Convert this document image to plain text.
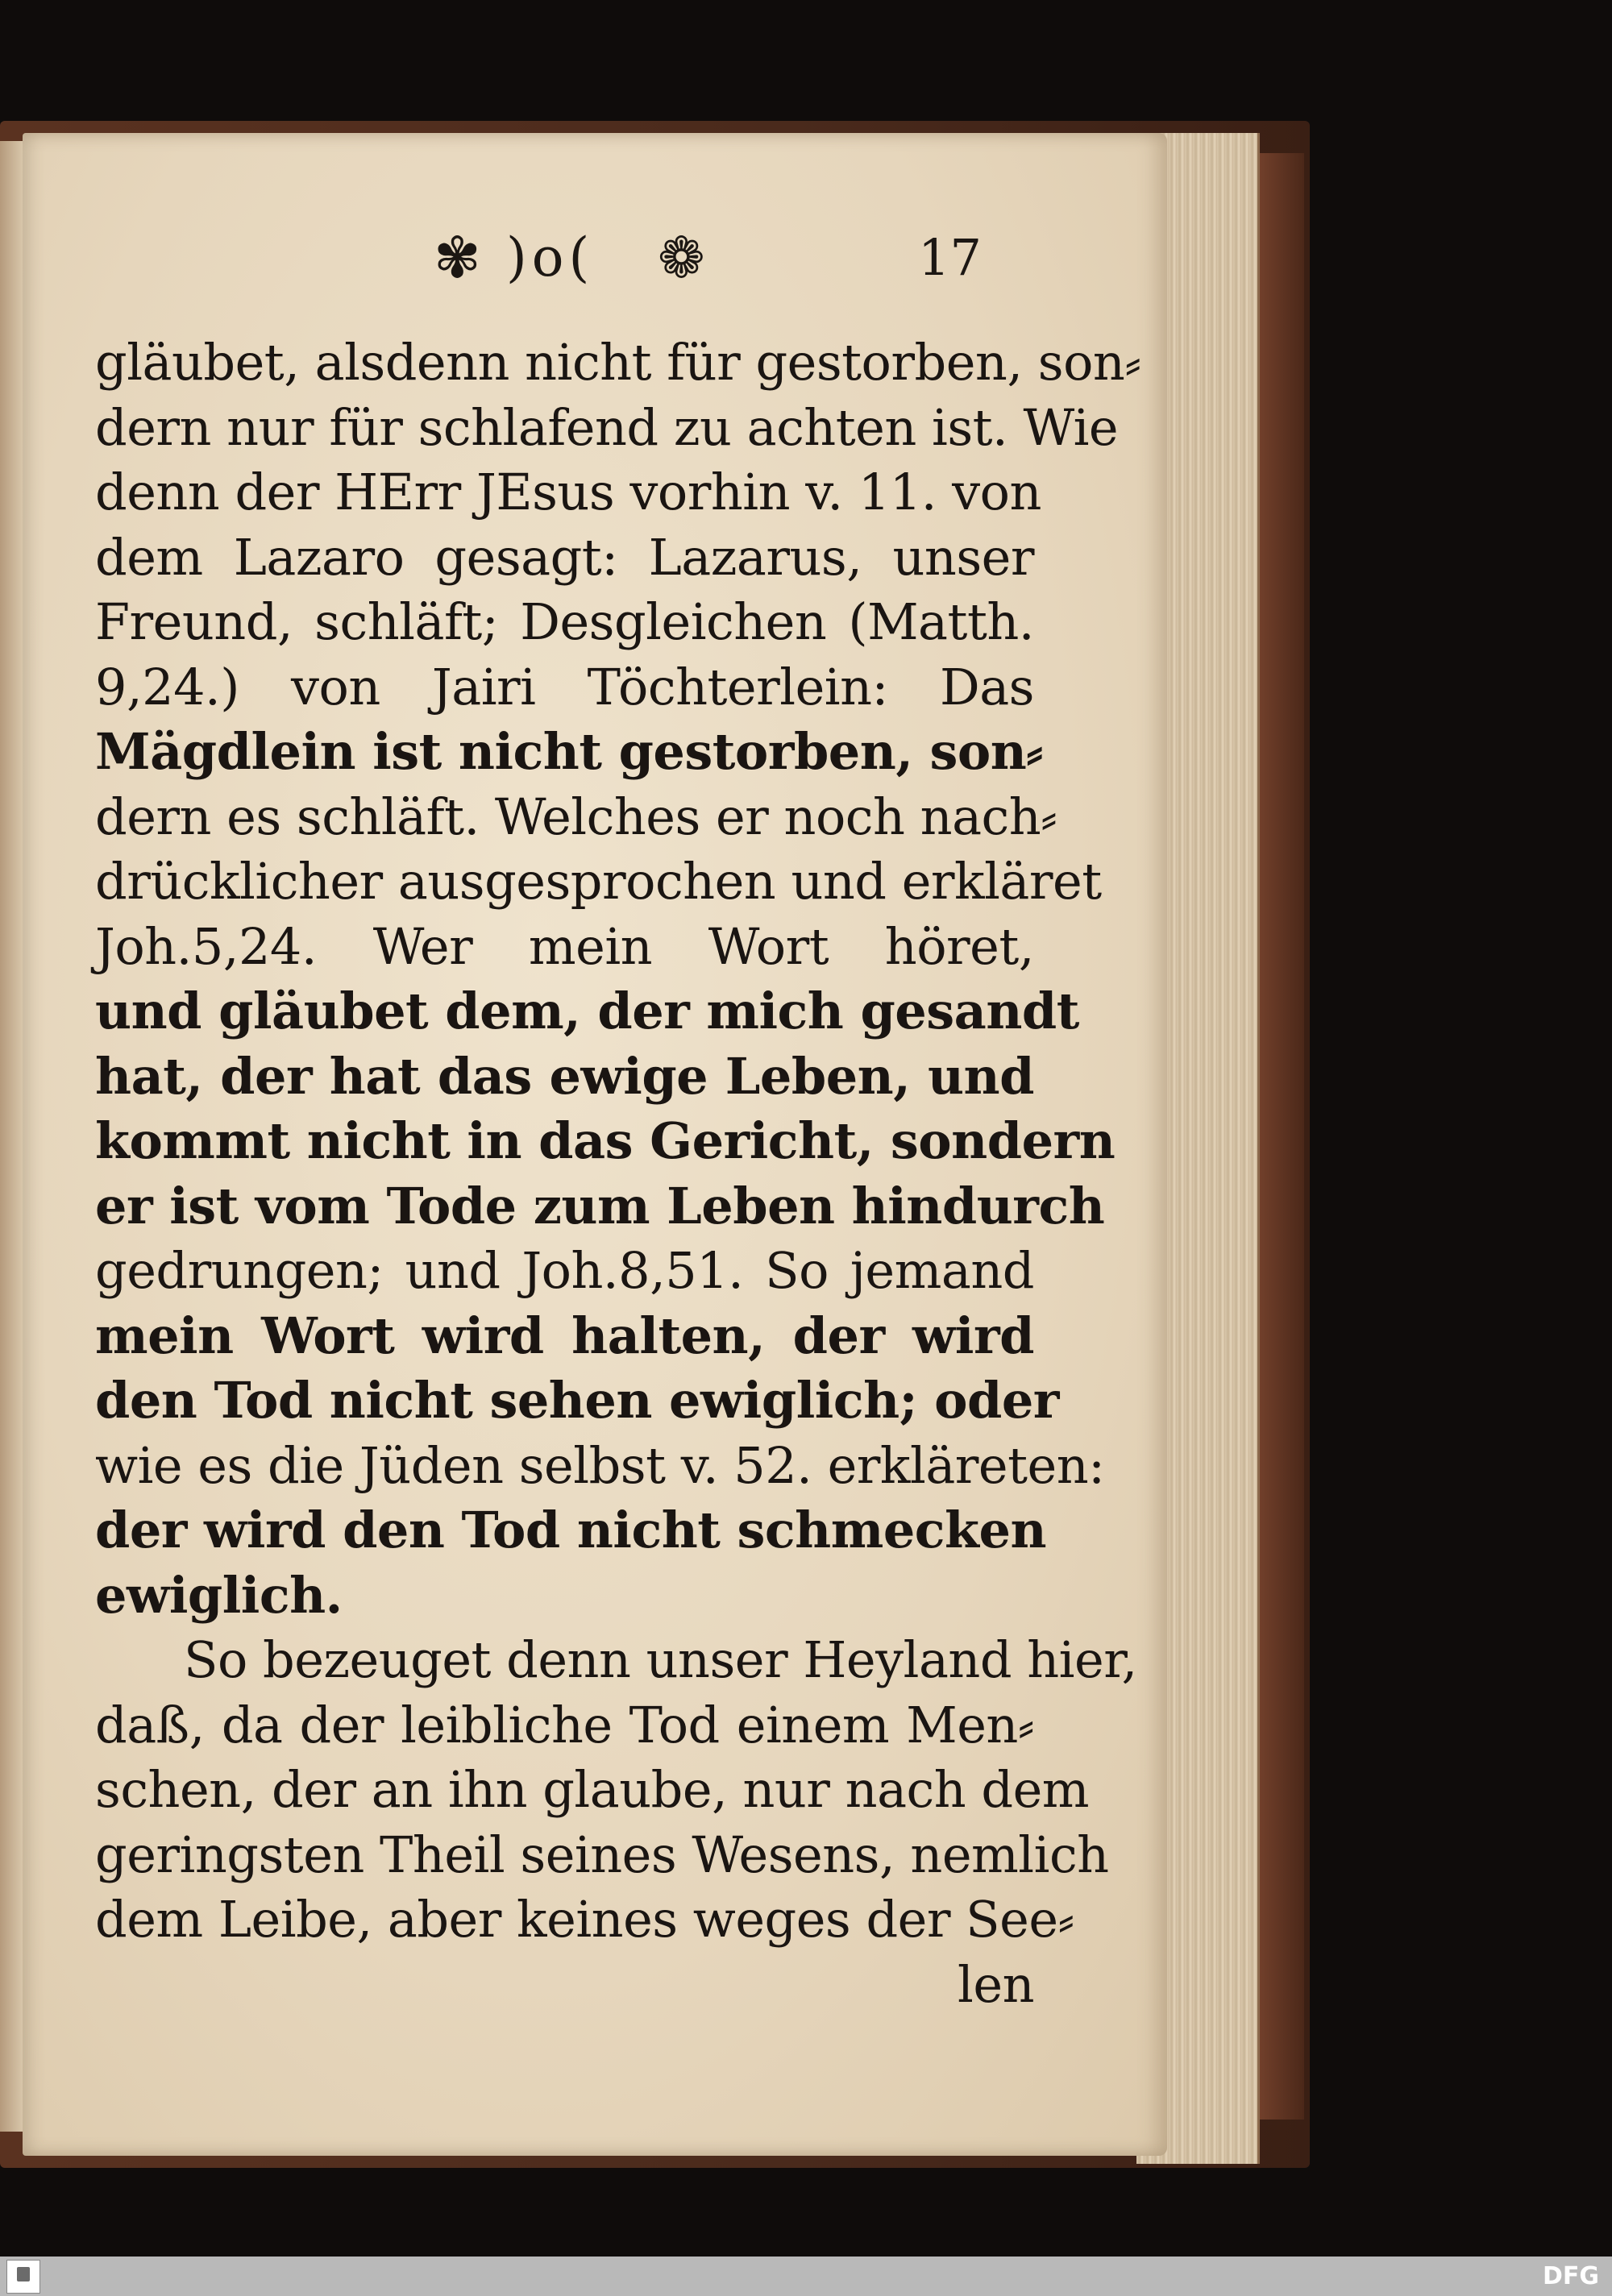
✾ )o( ❁	17
gläubet, alsdenn nicht für gestorben, son⸗
dern nur für schlafend zu achten ist. Wie
denn der HErr JEsus vorhin v. 11. von
dem Lazaro gesagt: Lazarus, unser
Freund, schläft; Desgleichen (Matth.
9,24.) von Jairi Töchterlein: Das
Mägdlein ist nicht gestorben, son⸗
dern es schläft. Welches er noch nach⸗
drücklicher ausgesprochen und erkläret
Joh.5,24. Wer mein Wort höret,
und gläubet dem, der mich gesandt
hat, der hat das ewige Leben, und
kommt nicht in das Gericht, sondern
er ist vom Tode zum Leben hindurch
gedrungen; und Joh.8,51. So jemand
mein Wort wird halten, der wird
den Tod nicht sehen ewiglich; oder
wie es die Jüden selbst v. 52. erkläreten:
der wird den Tod nicht schmecken
ewiglich.
So bezeuget denn unser Heyland hier,
daß, da der leibliche Tod einem Men⸗
schen, der an ihn glaube, nur nach dem
geringsten Theil seines Wesens, nemlich
dem Leibe, aber keines weges der See⸗
len
DFG
